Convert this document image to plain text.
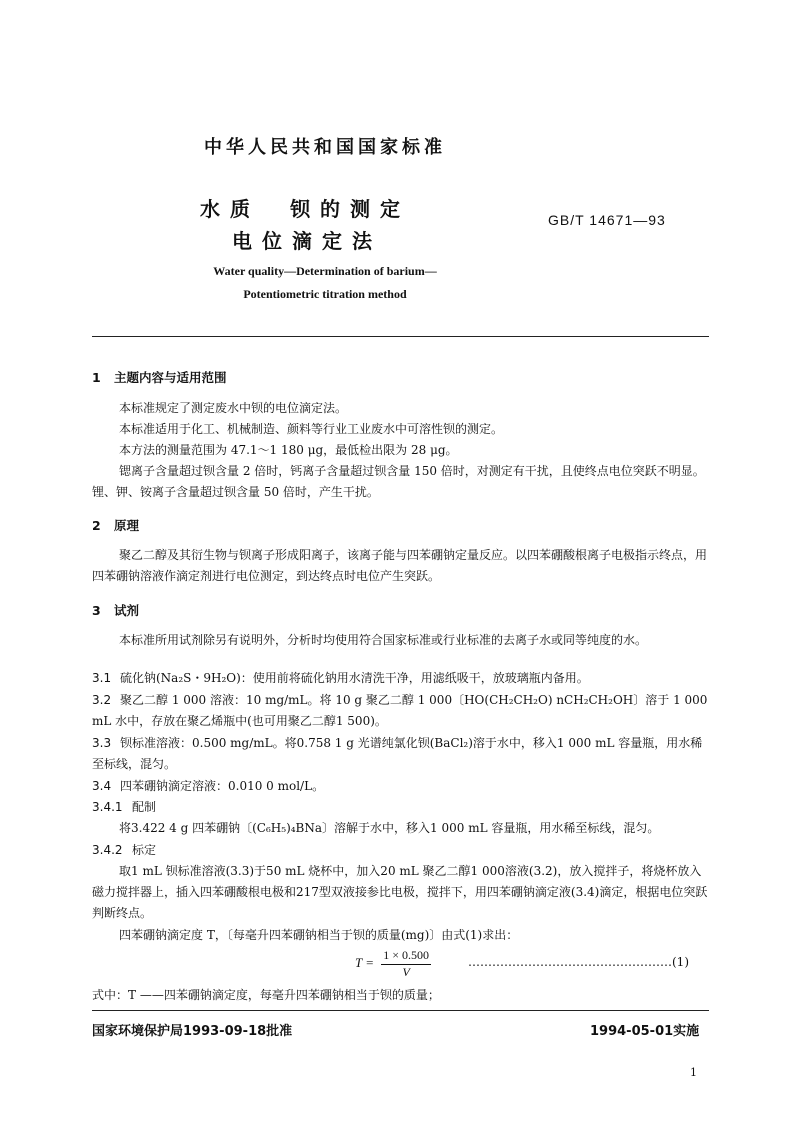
中华人民共和国国家标准
水质　钡的测定
电位滴定法
GB/T 14671—93
Water quality—Determination of barium—
Potentiometric titration method
1 主题内容与适用范围
本标准规定了测定废水中钡的电位滴定法。
本标准适用于化工、机械制造、颜料等行业工业废水中可溶性钡的测定。
本方法的测量范围为 47.1～1 180 μg，最低检出限为 28 μg。
锶离子含量超过钡含量 2 倍时，钙离子含量超过钡含量 150 倍时，对测定有干扰，且使终点电位突跃不明显。锂、钾、铵离子含量超过钡含量 50 倍时，产生干扰。
2 原理
聚乙二醇及其衍生物与钡离子形成阳离子，该离子能与四苯硼钠定量反应。以四苯硼酸根离子电极指示终点，用四苯硼钠溶液作滴定剂进行电位测定，到达终点时电位产生突跃。
3 试剂
本标准所用试剂除另有说明外，分析时均使用符合国家标准或行业标准的去离子水或同等纯度的水。
3.1 硫化钠(Na₂S・9H₂O)：使用前将硫化钠用水清洗干净，用滤纸吸干，放玻璃瓶内备用。
3.2 聚乙二醇 1 000 溶液：10 mg/mL。将 10 g 聚乙二醇 1 000〔HO(CH₂CH₂O) nCH₂CH₂OH〕溶于 1 000 mL 水中，存放在聚乙烯瓶中(也可用聚乙二醇1 500)。
3.3 钡标准溶液：0.500 mg/mL。将0.758 1 g 光谱纯氯化钡(BaCl₂)溶于水中，移入1 000 mL 容量瓶，用水稀至标线，混匀。
3.4 四苯硼钠滴定溶液：0.010 0 mol/L。
3.4.1 配制
将3.422 4 g 四苯硼钠〔(C₆H₅)₄BNa〕溶解于水中，移入1 000 mL 容量瓶，用水稀至标线，混匀。
3.4.2 标定
取1 mL 钡标准溶液(3.3)于50 mL 烧杯中，加入20 mL 聚乙二醇1 000溶液(3.2)，放入搅拌子，将烧杯放入磁力搅拌器上，插入四苯硼酸根电极和217型双液接参比电极，搅拌下，用四苯硼钠滴定液(3.4)滴定，根据电位突跃判断终点。
四苯硼钠滴定度 T，〔每毫升四苯硼钠相当于钡的质量(mg)〕由式(1)求出：
$T = \frac{1 \times 0.500}{V}$	……………………………………………(1)
式中：T ——四苯硼钠滴定度，每毫升四苯硼钠相当于钡的质量；
国家环境保护局1993-09-18批准	1994-05-01实施
1
